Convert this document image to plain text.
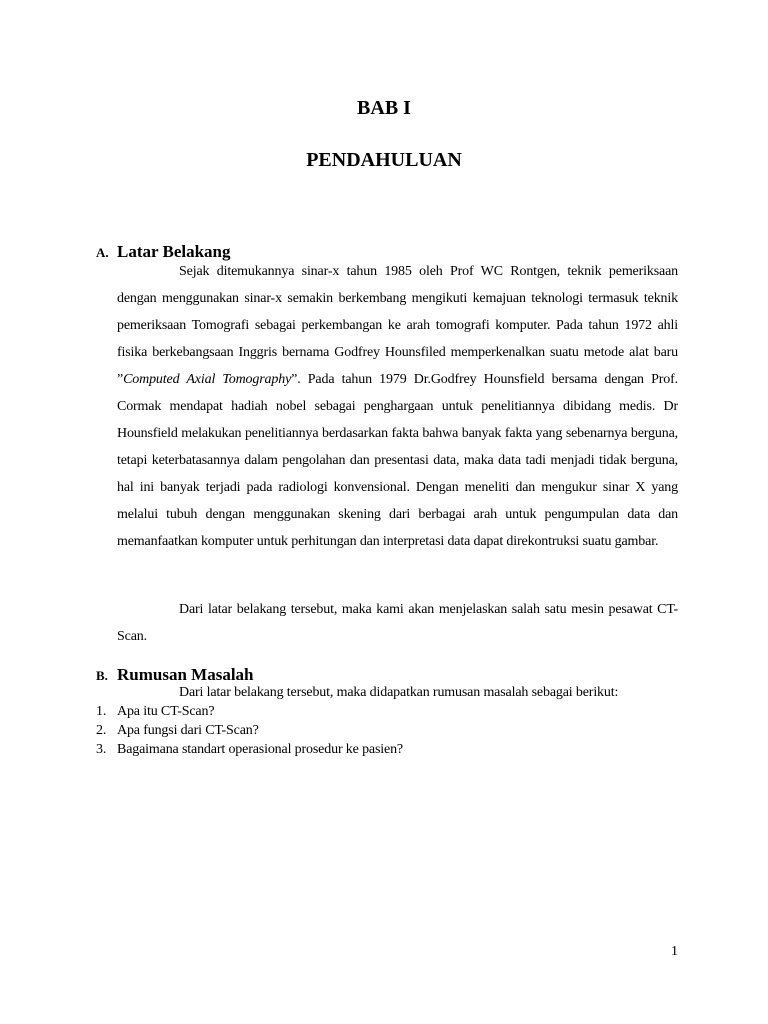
BAB I
PENDAHULUAN
A. Latar Belakang

Sejak ditemukannya sinar-x tahun 1985 oleh Prof WC Rontgen, teknik pemeriksaan dengan menggunakan sinar-x semakin berkembang mengikuti kemajuan teknologi termasuk teknik pemeriksaan Tomografi sebagai perkembangan ke arah tomografi komputer. Pada tahun 1972 ahli fisika berkebangsaan Inggris bernama Godfrey Hounsfiled memperkenalkan suatu metode alat baru ”Computed Axial Tomography”. Pada tahun 1979 Dr.Godfrey Hounsfield bersama dengan Prof. Cormak mendapat hadiah nobel sebagai penghargaan untuk penelitiannya dibidang medis. Dr Hounsfield melakukan penelitiannya berdasarkan fakta bahwa banyak fakta yang sebenarnya berguna, tetapi keterbatasannya dalam pengolahan dan presentasi data, maka data tadi menjadi tidak berguna, hal ini banyak terjadi pada radiologi konvensional. Dengan meneliti dan mengukur sinar X yang melalui tubuh dengan menggunakan skening dari berbagai arah untuk pengumpulan data dan memanfaatkan komputer untuk perhitungan dan interpretasi data dapat direkontruksi suatu gambar.

Dari latar belakang tersebut, maka kami akan menjelaskan salah satu mesin pesawat CT-Scan.

B. Rumusan Masalah

Dari latar belakang tersebut, maka didapatkan rumusan masalah sebagai berikut:

1. Apa itu CT-Scan?
2. Apa fungsi dari CT-Scan?
3. Bagaimana standart operasional prosedur ke pasien?

1
